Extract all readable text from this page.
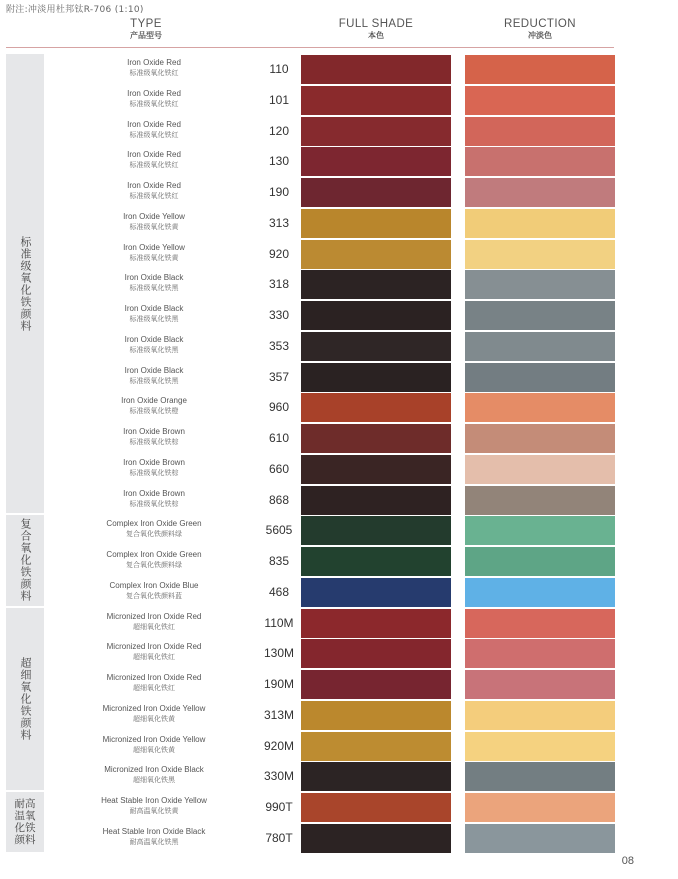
附注:冲淡用杜邦钛R-706 (1:10)
TYPE
产品型号
FULL SHADE
本色
REDUCTION
冲淡色
标准级氧化铁颜料
复合氧化铁颜料
超细氧化铁颜料
耐高温氧化铁颜料
Iron Oxide Red
标准级氧化铁红	110
Iron Oxide Red
标准级氧化铁红	101
Iron Oxide Red
标准级氧化铁红	120
Iron Oxide Red
标准级氧化铁红	130
Iron Oxide Red
标准级氧化铁红	190
Iron Oxide Yellow
标准级氧化铁黄	313
Iron Oxide Yellow
标准级氧化铁黄	920
Iron Oxide Black
标准级氧化铁黑	318
Iron Oxide Black
标准级氧化铁黑	330
Iron Oxide Black
标准级氧化铁黑	353
Iron Oxide Black
标准级氧化铁黑	357
Iron Oxide Orange
标准级氧化铁橙	960
Iron Oxide Brown
标准级氧化铁棕	610
Iron Oxide Brown
标准级氧化铁棕	660
Iron Oxide Brown
标准级氧化铁棕	868
Complex Iron Oxide Green
复合氧化铁颜料绿	5605
Complex Iron Oxide Green
复合氧化铁颜料绿	835
Complex Iron Oxide Blue
复合氧化铁颜料蓝	468
Micronized Iron Oxide Red
超细氧化铁红	110M
Micronized Iron Oxide Red
超细氧化铁红	130M
Micronized Iron Oxide Red
超细氧化铁红	190M
Micronized Iron Oxide Yellow
超细氧化铁黄	313M
Micronized Iron Oxide Yellow
超细氧化铁黄	920M
Micronized Iron Oxide Black
超细氧化铁黑	330M
Heat Stable Iron Oxide Yellow
耐高温氧化铁黄	990T
Heat Stable Iron Oxide Black
耐高温氧化铁黑	780T
08
